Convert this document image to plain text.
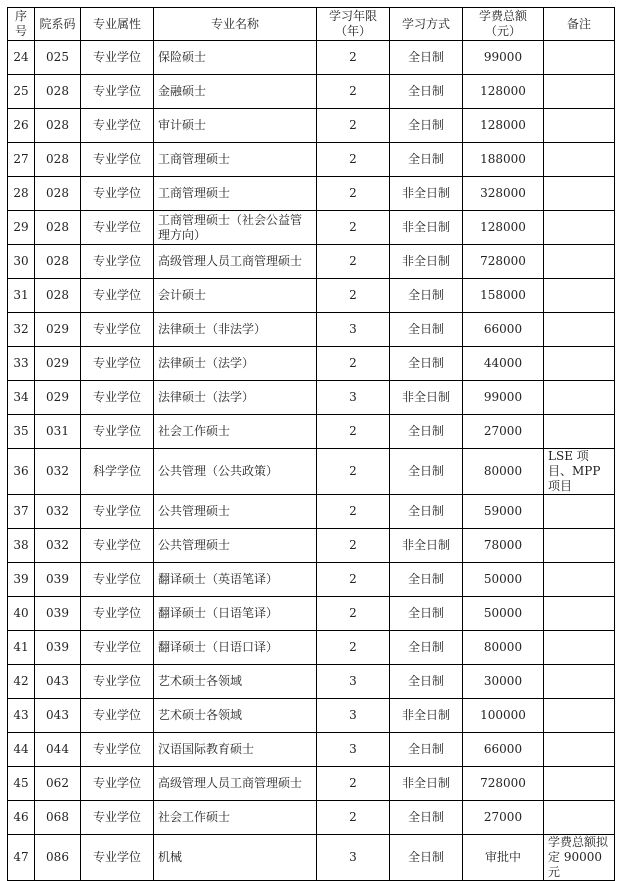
序号	院系码	专业属性	专业名称	学习年限（年）	学习方式	学费总额（元）	备注
24	025	专业学位	保险硕士	2	全日制	99000	
25	028	专业学位	金融硕士	2	全日制	128000	
26	028	专业学位	审计硕士	2	全日制	128000	
27	028	专业学位	工商管理硕士	2	全日制	188000	
28	028	专业学位	工商管理硕士	2	非全日制	328000	
29	028	专业学位	工商管理硕士（社会公益管理方向）	2	非全日制	128000	
30	028	专业学位	高级管理人员工商管理硕士	2	非全日制	728000	
31	028	专业学位	会计硕士	2	全日制	158000	
32	029	专业学位	法律硕士（非法学）	3	全日制	66000	
33	029	专业学位	法律硕士（法学）	2	全日制	44000	
34	029	专业学位	法律硕士（法学）	3	非全日制	99000	
35	031	专业学位	社会工作硕士	2	全日制	27000	
36	032	科学学位	公共管理（公共政策）	2	全日制	80000	LSE 项目、MPP 项目
37	032	专业学位	公共管理硕士	2	全日制	59000	
38	032	专业学位	公共管理硕士	2	非全日制	78000	
39	039	专业学位	翻译硕士（英语笔译）	2	全日制	50000	
40	039	专业学位	翻译硕士（日语笔译）	2	全日制	50000	
41	039	专业学位	翻译硕士（日语口译）	2	全日制	80000	
42	043	专业学位	艺术硕士各领域	3	全日制	30000	
43	043	专业学位	艺术硕士各领域	3	非全日制	100000	
44	044	专业学位	汉语国际教育硕士	3	全日制	66000	
45	062	专业学位	高级管理人员工商管理硕士	2	非全日制	728000	
46	068	专业学位	社会工作硕士	2	全日制	27000	
47	086	专业学位	机械	3	全日制	审批中	学费总额拟定 90000 元
